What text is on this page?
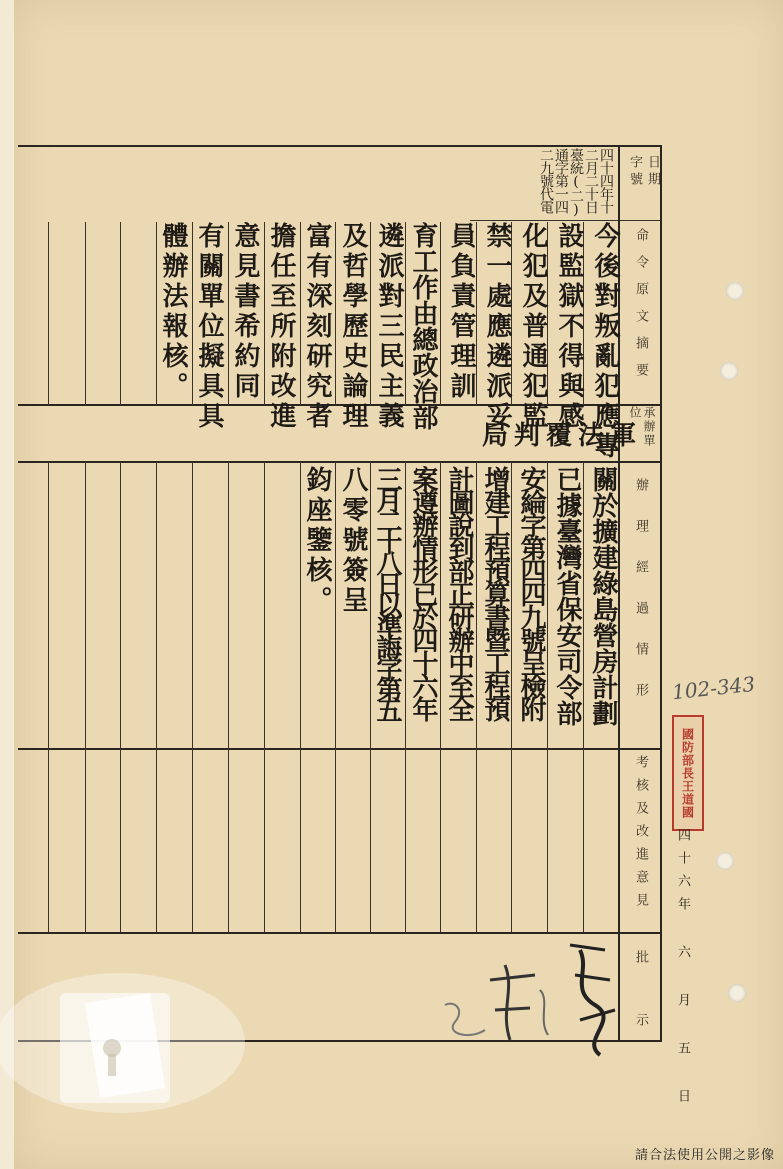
日期
字號
命令原文摘要
承辦單位
辦理經過情形
考核及改進意見
批示
四十四年十二月二十日臺統(二)通字第一四二九號代電
今後對叛亂犯應專
設監獄不得與感
化犯及普通犯監
禁一處應遴派妥
員負責管理訓
育工作由總政治部
遴派對三民主義
及哲學歷史論理
富有深刻研究者
擔任至所附改進
意見書希約同
有關單位擬具具
體辦法報核。
軍法覆判局
關於擴建綠島營房計劃
已據臺灣省保安司令部
安綸字第四四九號呈檢附
增建工程預算書暨工程預
計圖說到部正研辦中至全
案遵辦情形已於四十六年
三月二十八日以準誨字第五
八零號簽呈
鈞座鑒核。
102-343
國防部長王道國
四十六年 六 月 五 日
請合法使用公開之影像
